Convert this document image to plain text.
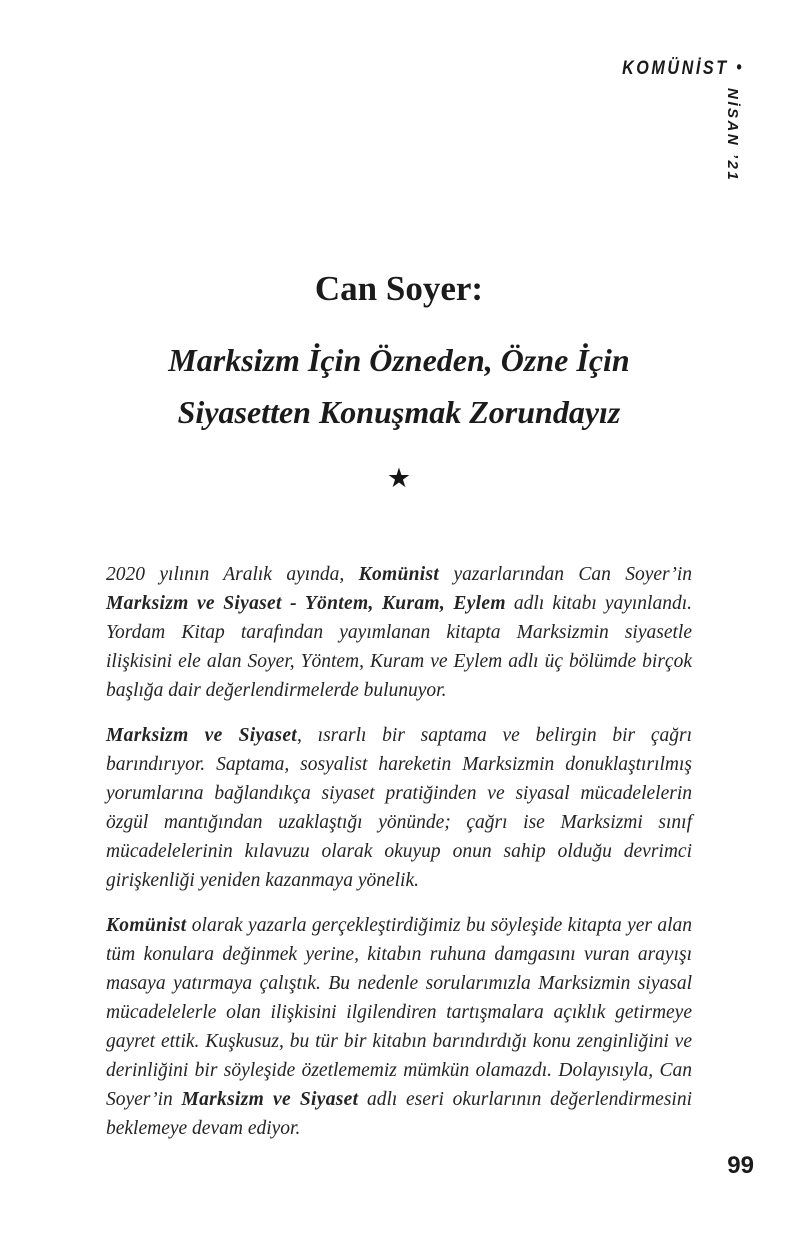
KOMÜNİST •
NİSAN ’21
Can Soyer:
Marksizm İçin Özneden, Özne İçin
Siyasetten Konuşmak Zorundayız
★

2020 yılının Aralık ayında, Komünist yazarlarından Can Soyer’in Marksizm ve Siyaset - Yöntem, Kuram, Eylem adlı kitabı yayınlandı. Yordam Kitap tarafından yayımlanan kitapta Marksizmin siyasetle ilişkisini ele alan Soyer, Yöntem, Kuram ve Eylem adlı üç bölümde birçok başlığa dair değerlendirmelerde bulunuyor.

Marksizm ve Siyaset, ısrarlı bir saptama ve belirgin bir çağrı barındırıyor. Saptama, sosyalist hareketin Marksizmin donuklaştırılmış yorumlarına bağlandıkça siyaset pratiğinden ve siyasal mücadelelerin özgül mantığından uzaklaştığı yönünde; çağrı ise Marksizmi sınıf mücadelelerinin kılavuzu olarak okuyup onun sahip olduğu devrimci girişkenliği yeniden kazanmaya yönelik.

Komünist olarak yazarla gerçekleştirdiğimiz bu söyleşide kitapta yer alan tüm konulara değinmek yerine, kitabın ruhuna damgasını vuran arayışı masaya yatırmaya çalıştık. Bu nedenle sorularımızla Marksizmin siyasal mücadelelerle olan ilişkisini ilgilendiren tartışmalara açıklık getirmeye gayret ettik. Kuşkusuz, bu tür bir kitabın barındırdığı konu zenginliğini ve derinliğini bir söyleşide özetlememiz mümkün olamazdı. Dolayısıyla, Can Soyer’in Marksizm ve Siyaset adlı eseri okurlarının değerlendirmesini beklemeye devam ediyor.

99
